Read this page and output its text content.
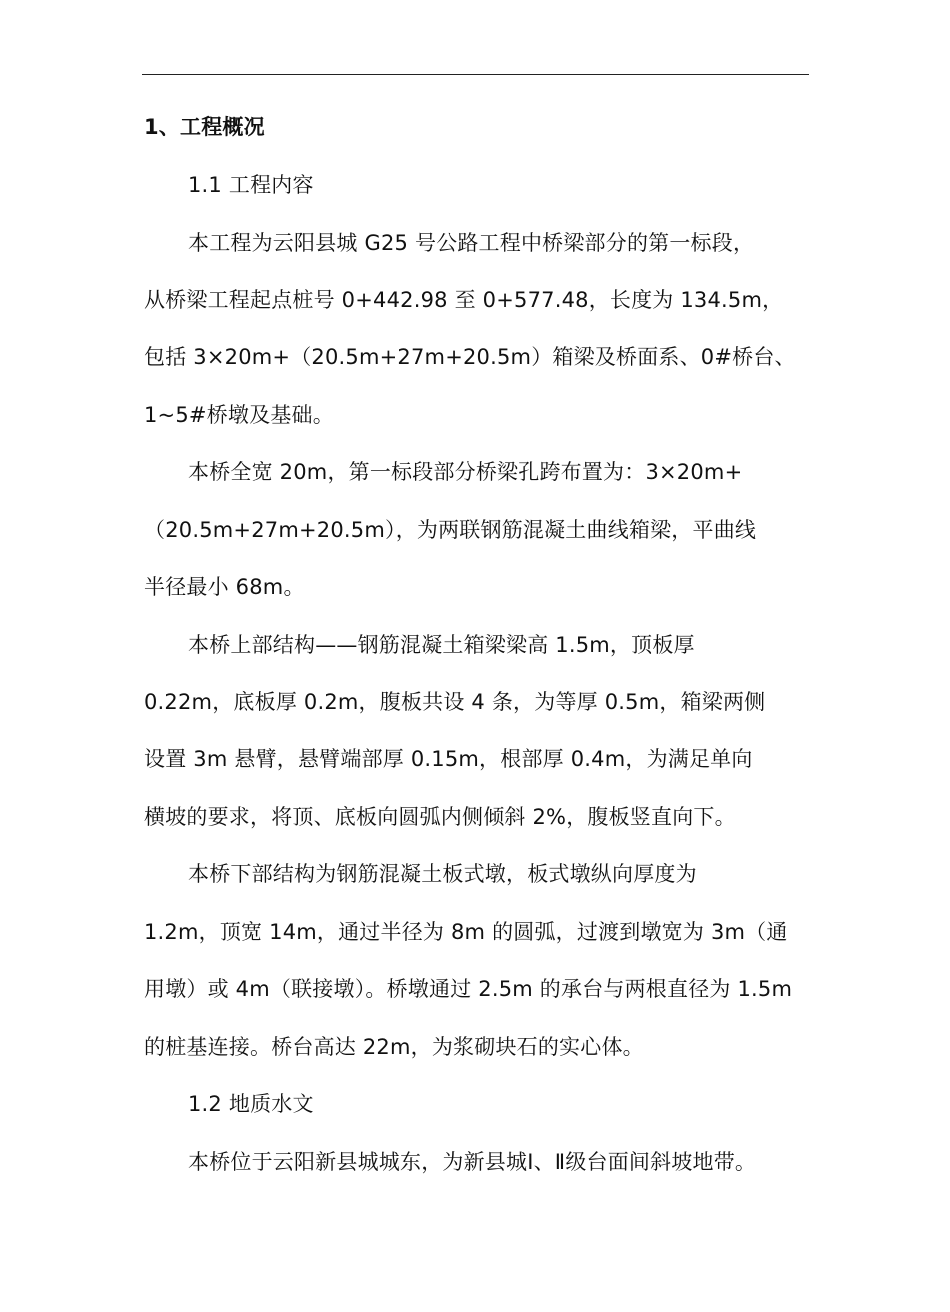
1、工程概况
1.1 工程内容
本工程为云阳县城 G25 号公路工程中桥梁部分的第一标段，
从桥梁工程起点桩号 0+442.98 至 0+577.48，长度为 134.5m，
包括 3×20m+（20.5m+27m+20.5m）箱梁及桥面系、0#桥台、
1~5#桥墩及基础。
本桥全宽 20m，第一标段部分桥梁孔跨布置为：3×20m+
（20.5m+27m+20.5m），为两联钢筋混凝土曲线箱梁，平曲线
半径最小 68m。
本桥上部结构——钢筋混凝土箱梁梁高 1.5m，顶板厚
0.22m，底板厚 0.2m，腹板共设 4 条，为等厚 0.5m，箱梁两侧
设置 3m 悬臂，悬臂端部厚 0.15m，根部厚 0.4m，为满足单向
横坡的要求，将顶、底板向圆弧内侧倾斜 2%，腹板竖直向下。
本桥下部结构为钢筋混凝土板式墩，板式墩纵向厚度为
1.2m，顶宽 14m，通过半径为 8m 的圆弧，过渡到墩宽为 3m（通
用墩）或 4m（联接墩）。桥墩通过 2.5m 的承台与两根直径为 1.5m
的桩基连接。桥台高达 22m，为浆砌块石的实心体。
1.2 地质水文
本桥位于云阳新县城城东，为新县城Ⅰ、Ⅱ级台面间斜坡地带。
